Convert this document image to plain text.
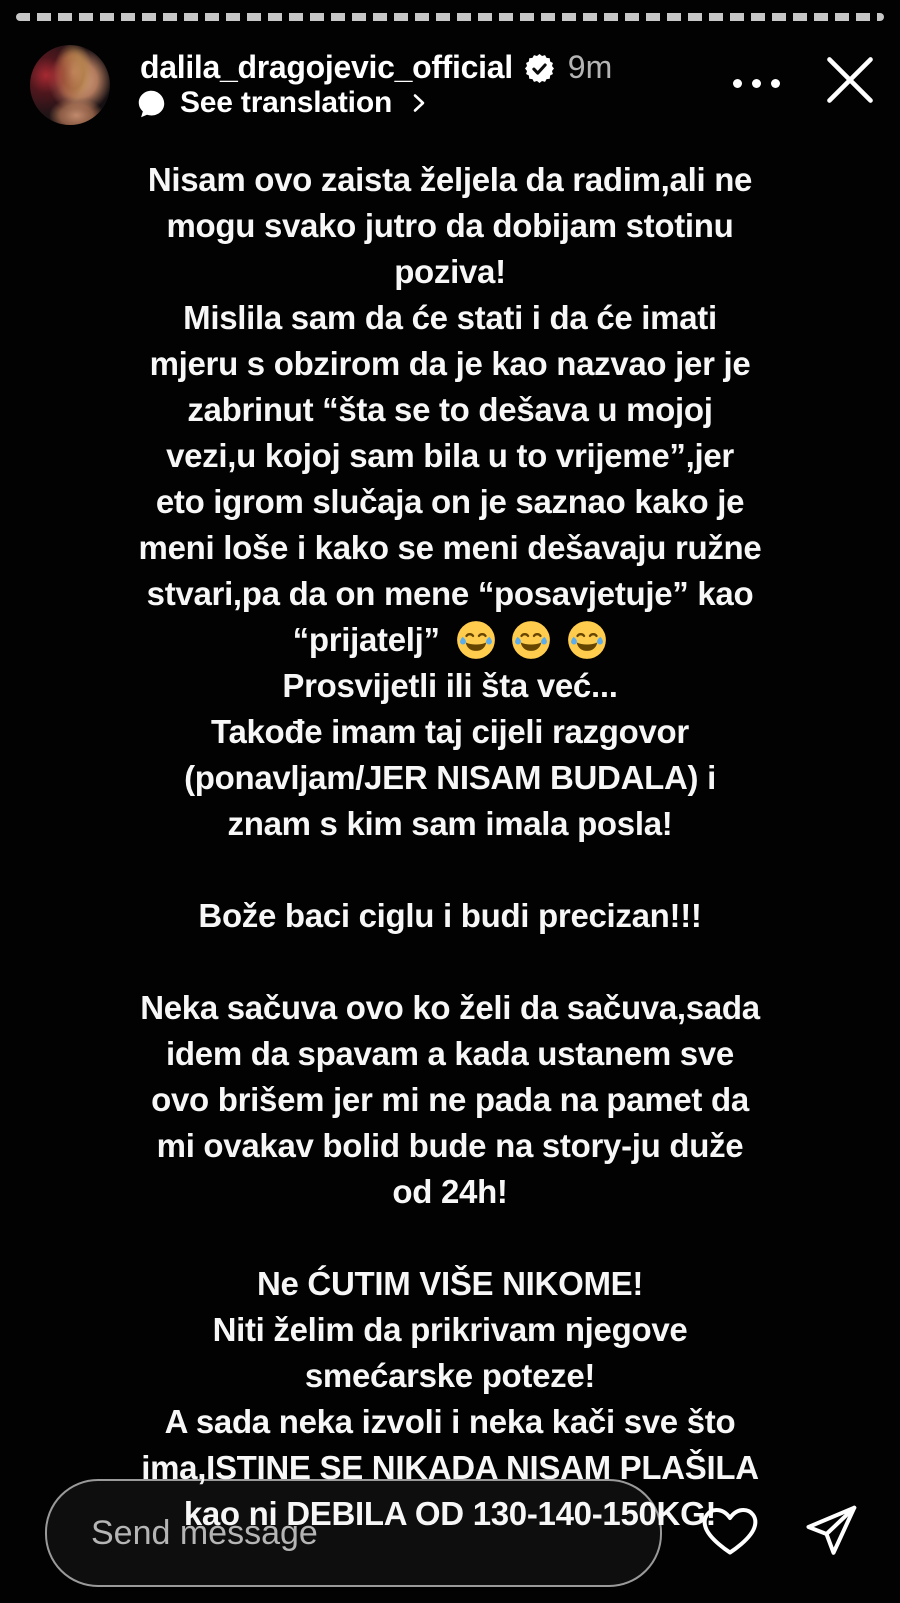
dalila_dragojevic_official 9m
See translation
Nisam ovo zaista željela da radim,ali ne
mogu svako jutro da dobijam stotinu
poziva!
Mislila sam da će stati i da će imati
mjeru s obzirom da je kao nazvao jer je
zabrinut “šta se to dešava u mojoj
vezi,u kojoj sam bila u to vrijeme”,jer
eto igrom slučaja on je saznao kako je
meni loše i kako se meni dešavaju ružne
stvari,pa da on mene “posavjetuje” kao
“prijatelj”
Prosvijetli ili šta već...
Takođe imam taj cijeli razgovor
(ponavljam/JER NISAM BUDALA) i
znam s kim sam imala posla!
Bože baci ciglu i budi precizan!!!
Neka sačuva ovo ko želi da sačuva,sada
idem da spavam a kada ustanem sve
ovo brišem jer mi ne pada na pamet da
mi ovakav bolid bude na story-ju duže
od 24h!
Ne ĆUTIM VIŠE NIKOME!
Niti želim da prikrivam njegove
smećarske poteze!
A sada neka izvoli i neka kači sve što
ima,ISTINE SE NIKADA NISAM PLAŠILA
kao ni DEBILA OD 130-140-150KG!
Send message
